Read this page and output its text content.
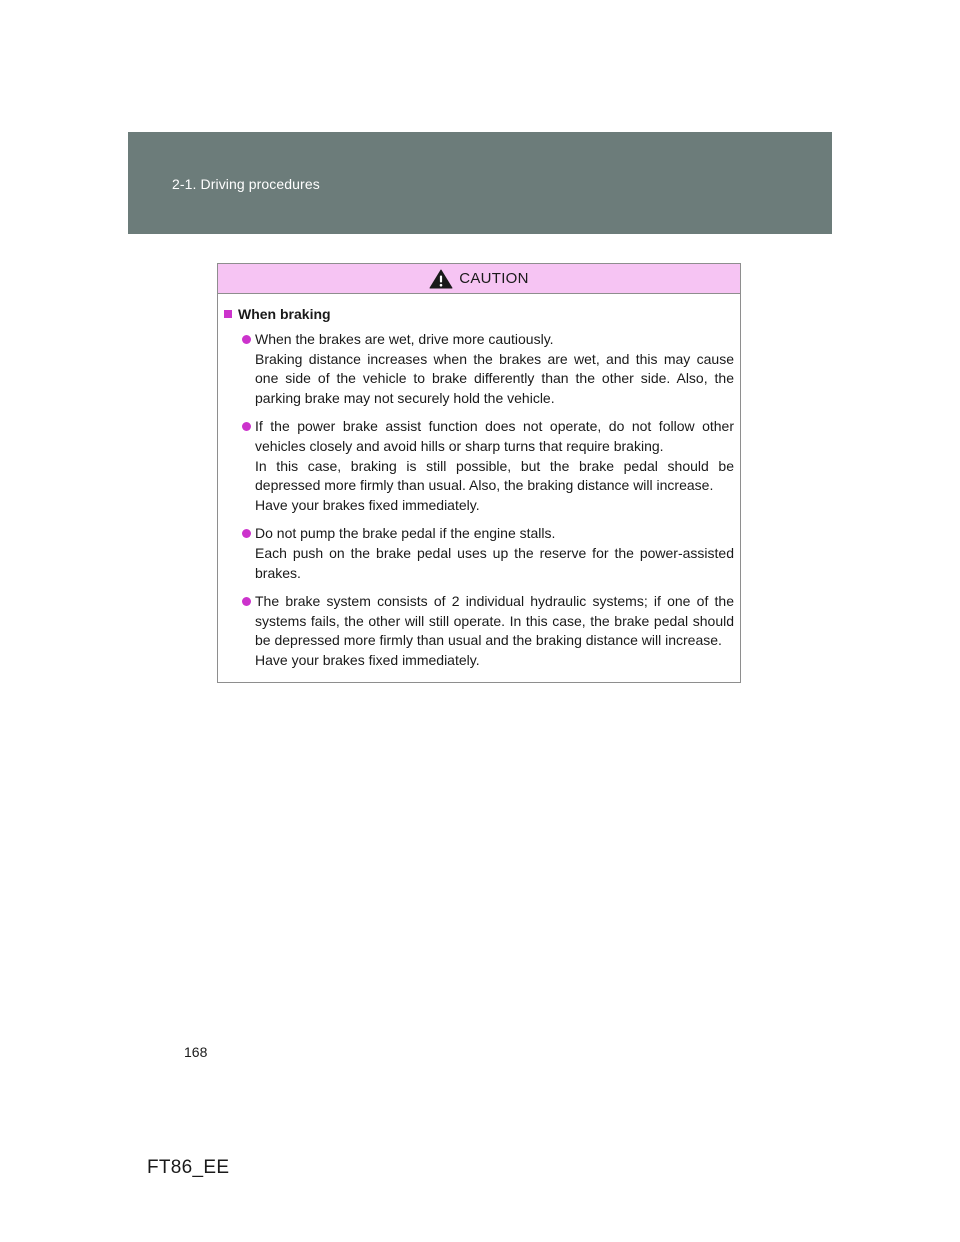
2-1. Driving procedures
CAUTION
When braking

When the brakes are wet, drive more cautiously.

Braking distance increases when the brakes are wet, and this may cause one side of the vehicle to brake differently than the other side. Also, the parking brake may not securely hold the vehicle.

If the power brake assist function does not operate, do not follow other vehicles closely and avoid hills or sharp turns that require braking.

In this case, braking is still possible, but the brake pedal should be depressed more firmly than usual. Also, the braking distance will increase.

Have your brakes fixed immediately.

Do not pump the brake pedal if the engine stalls.

Each push on the brake pedal uses up the reserve for the power-assisted brakes.

The brake system consists of 2 individual hydraulic systems; if one of the systems fails, the other will still operate. In this case, the brake pedal should be depressed more firmly than usual and the braking distance will increase.

Have your brakes fixed immediately.

168
FT86_EE
